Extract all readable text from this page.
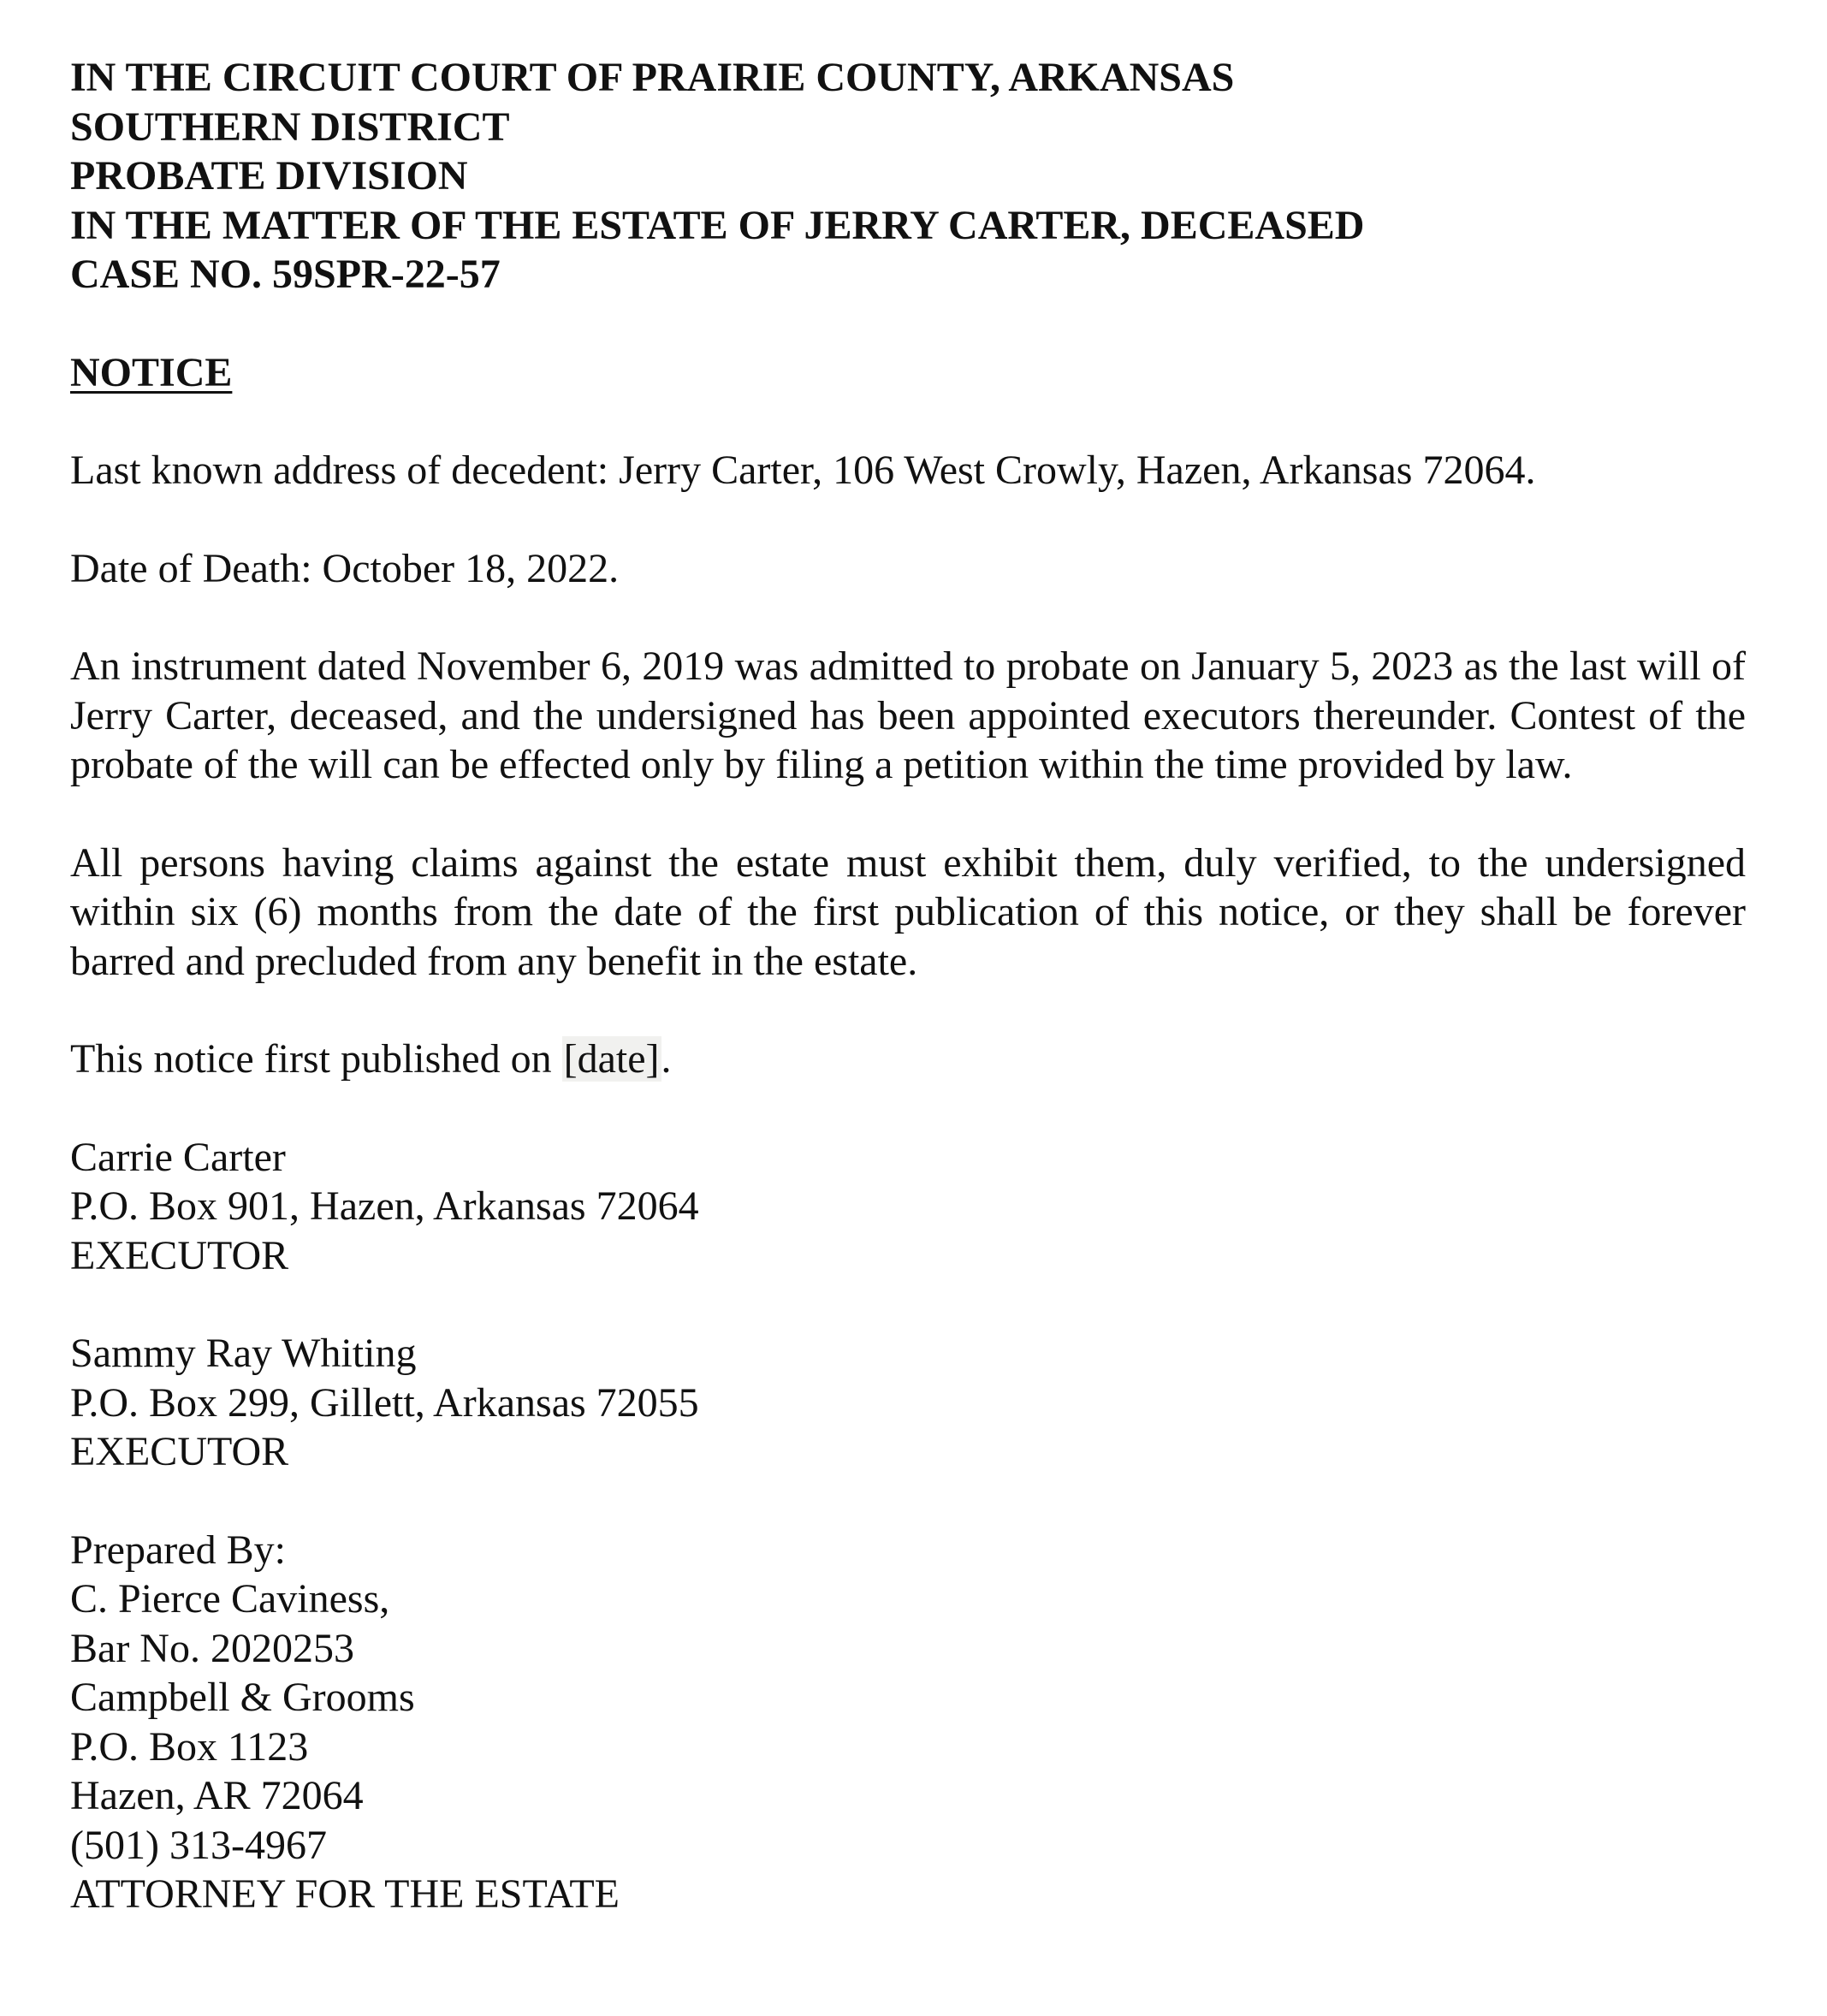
IN THE CIRCUIT COURT OF PRAIRIE COUNTY, ARKANSAS
SOUTHERN DISTRICT
PROBATE DIVISION
IN THE MATTER OF THE ESTATE OF JERRY CARTER, DECEASED
CASE NO. 59SPR-22-57
NOTICE

Last known address of decedent: Jerry Carter, 106 West Crowly, Hazen, Arkansas 72064.

Date of Death: October 18, 2022.

An instrument dated November 6, 2019 was admitted to probate on January 5, 2023 as the last will of Jerry Carter, deceased, and the undersigned has been appointed executors thereunder. Contest of the probate of the will can be effected only by filing a petition within the time provided by law.

All persons having claims against the estate must exhibit them, duly verified, to the undersigned within six (6) months from the date of the first publication of this notice, or they shall be forever barred and precluded from any benefit in the estate.

This notice first published on [date].

Carrie Carter
P.O. Box 901, Hazen, Arkansas 72064
EXECUTOR
Sammy Ray Whiting
P.O. Box 299, Gillett, Arkansas 72055
EXECUTOR
Prepared By:
C. Pierce Caviness,
Bar No. 2020253
Campbell & Grooms
P.O. Box 1123
Hazen, AR 72064
(501) 313-4967
ATTORNEY FOR THE ESTATE
